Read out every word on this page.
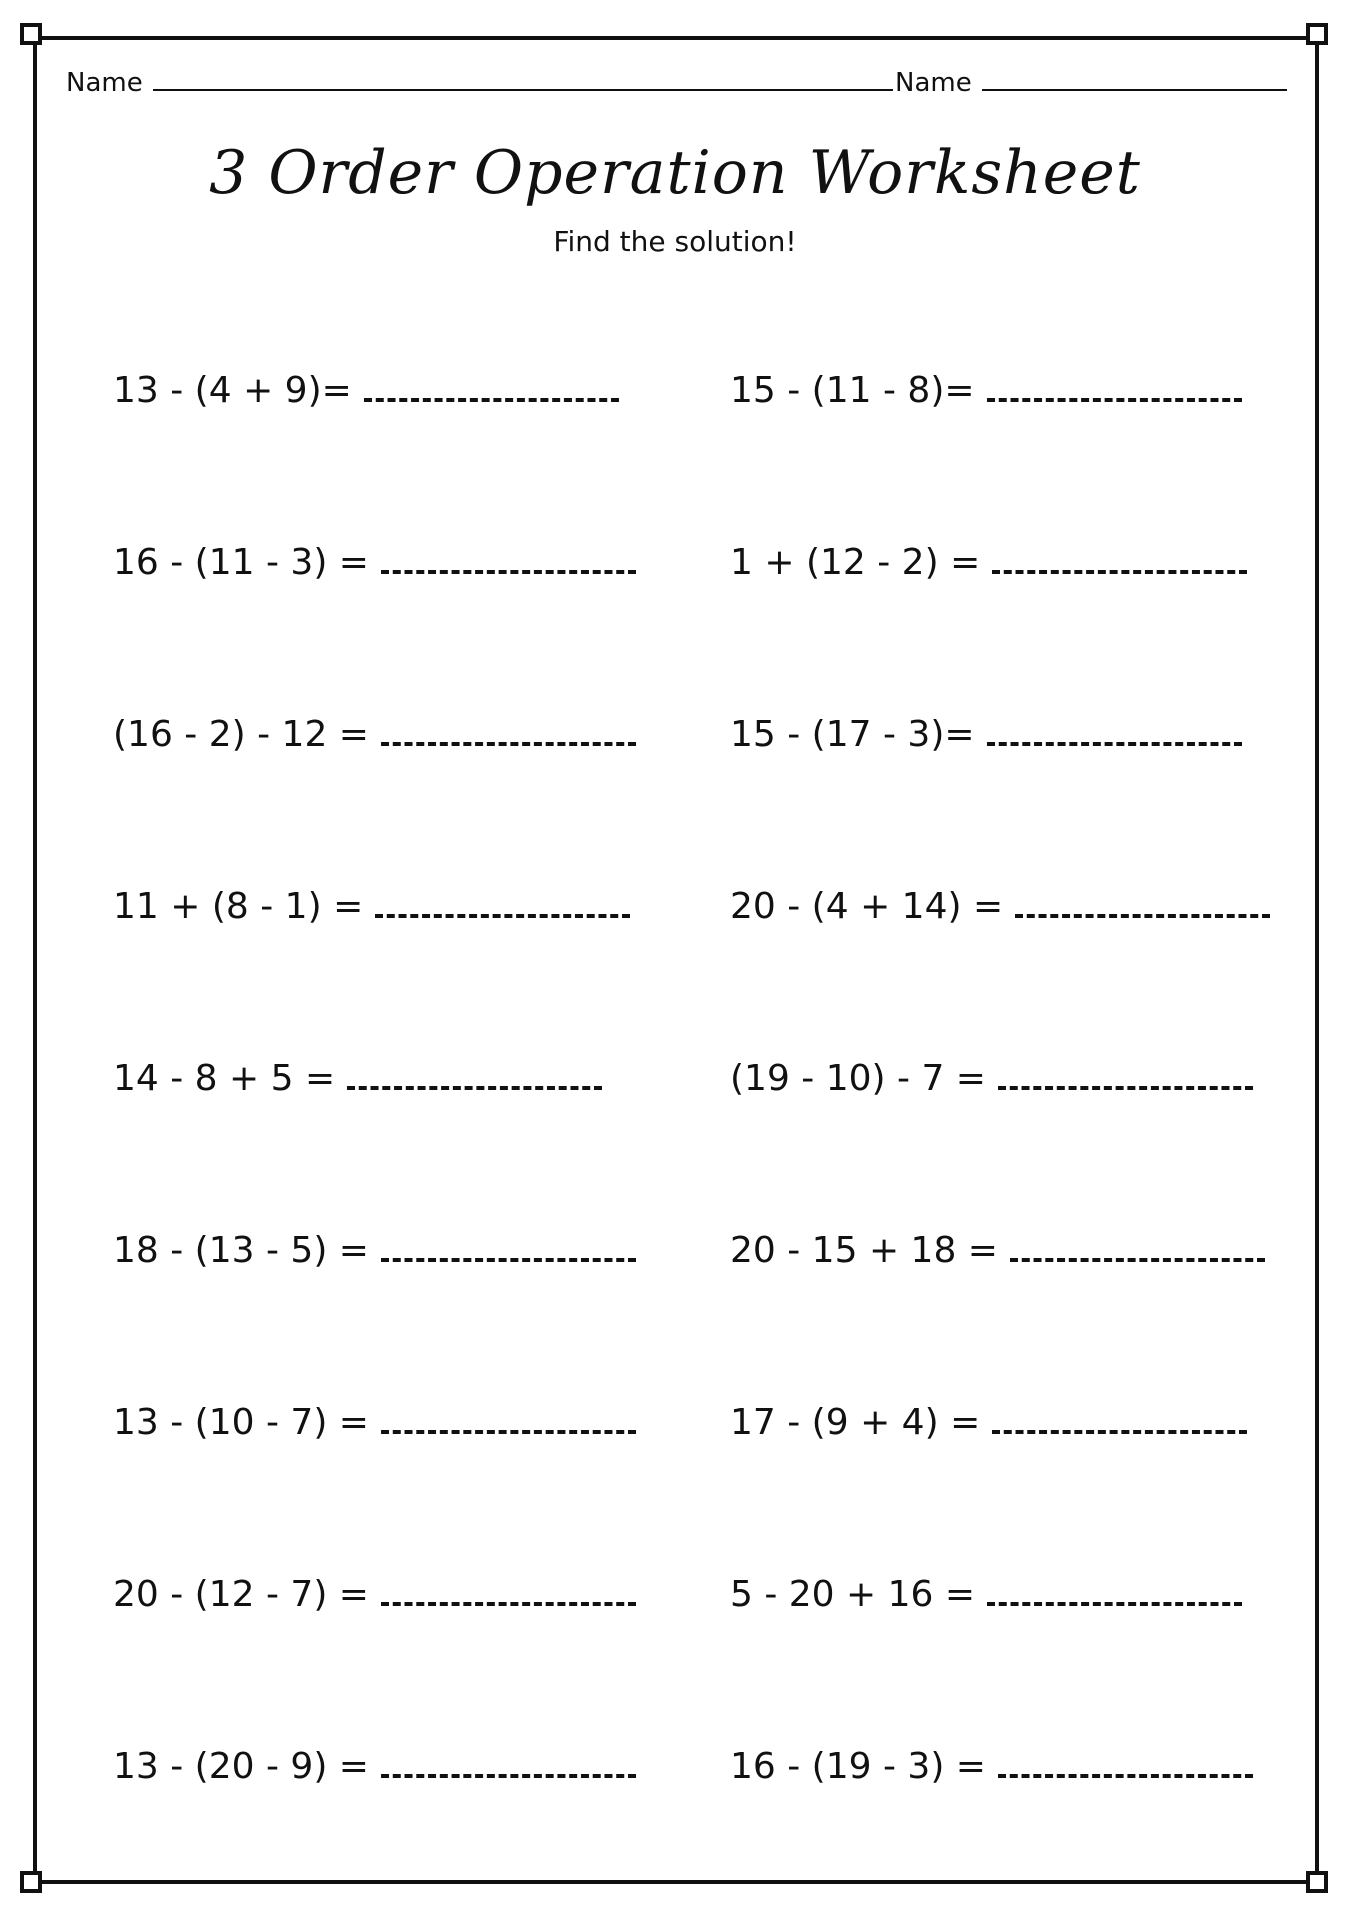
Name	Name
3 Order Operation Worksheet
Find the solution!
13 - (4 + 9)=
16 - (11 - 3) =
(16 - 2) - 12 =
11 + (8 - 1) =
14 - 8 + 5 =
18 - (13 - 5) =
13 - (10 - 7) =
20 - (12 - 7) =
13 - (20 - 9) =
15 - (11 - 8)=
1 + (12 - 2) =
15 - (17 - 3)=
20 - (4 + 14) =
(19 - 10) - 7 =
20 - 15 + 18 =
17 - (9 + 4) =
5 - 20 + 16 =
16 - (19 - 3) =
